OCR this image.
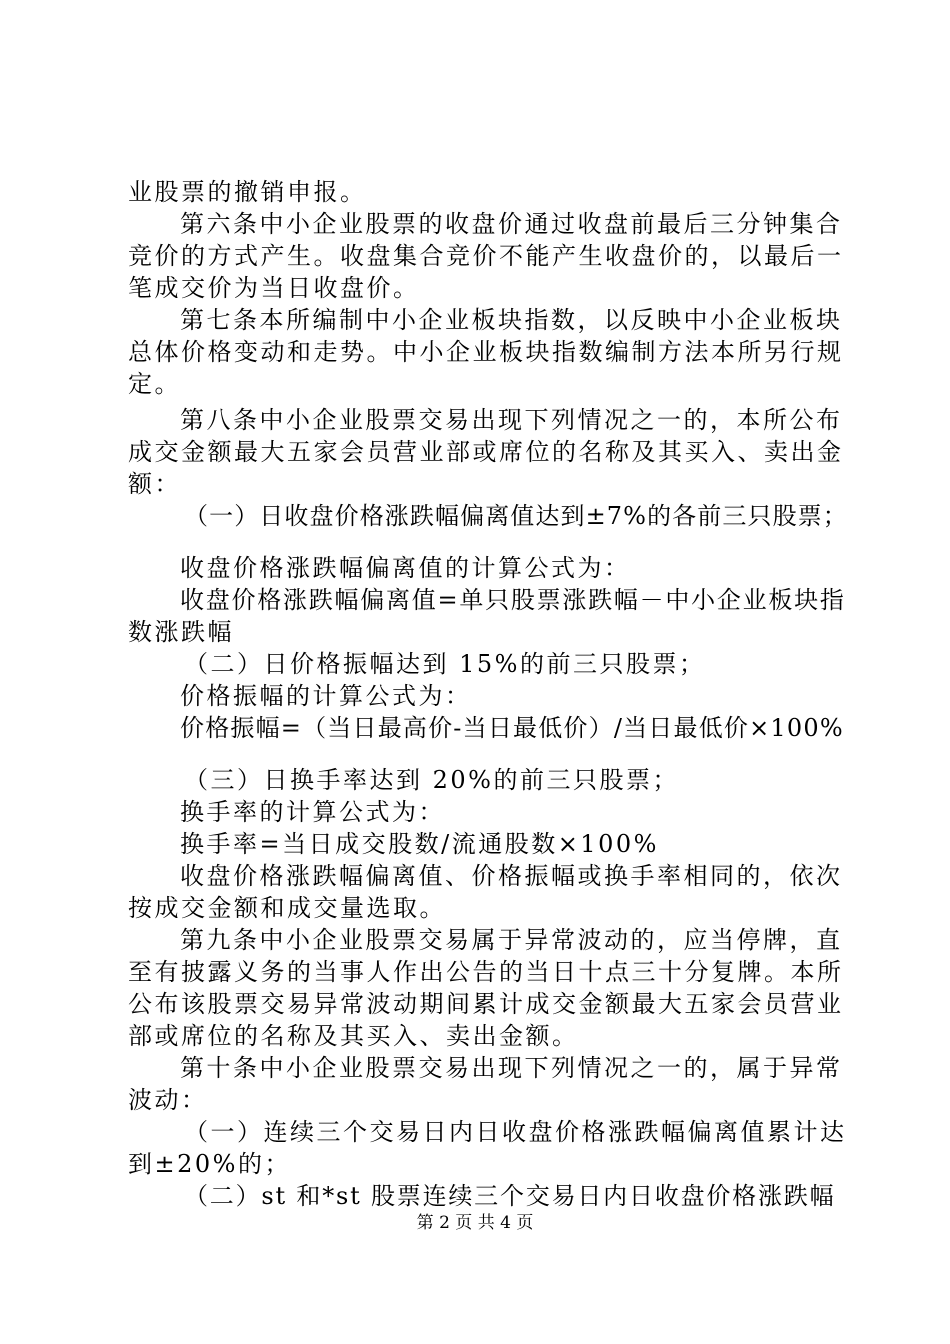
业股票的撤销申报。
第六条中小企业股票的收盘价通过收盘前最后三分钟集合
竞价的方式产生。收盘集合竞价不能产生收盘价的，以最后一
笔成交价为当日收盘价。
第七条本所编制中小企业板块指数，以反映中小企业板块
总体价格变动和走势。中小企业板块指数编制方法本所另行规
定。
第八条中小企业股票交易出现下列情况之一的，本所公布
成交金额最大五家会员营业部或席位的名称及其买入、卖出金
额：
（一）日收盘价格涨跌幅偏离值达到±7%的各前三只股票；
收盘价格涨跌幅偏离值的计算公式为：
收盘价格涨跌幅偏离值=单只股票涨跌幅－中小企业板块指
数涨跌幅
（二）日价格振幅达到 15%的前三只股票；
价格振幅的计算公式为：
价格振幅=（当日最高价-当日最低价）/当日最低价×100%
（三）日换手率达到 20%的前三只股票；
换手率的计算公式为：
换手率=当日成交股数/流通股数×100%
收盘价格涨跌幅偏离值、价格振幅或换手率相同的，依次
按成交金额和成交量选取。
第九条中小企业股票交易属于异常波动的，应当停牌，直
至有披露义务的当事人作出公告的当日十点三十分复牌。本所
公布该股票交易异常波动期间累计成交金额最大五家会员营业
部或席位的名称及其买入、卖出金额。
第十条中小企业股票交易出现下列情况之一的，属于异常
波动：
（一）连续三个交易日内日收盘价格涨跌幅偏离值累计达
到±20%的；
（二）st 和*st 股票连续三个交易日内日收盘价格涨跌幅
第 2 页 共 4 页
